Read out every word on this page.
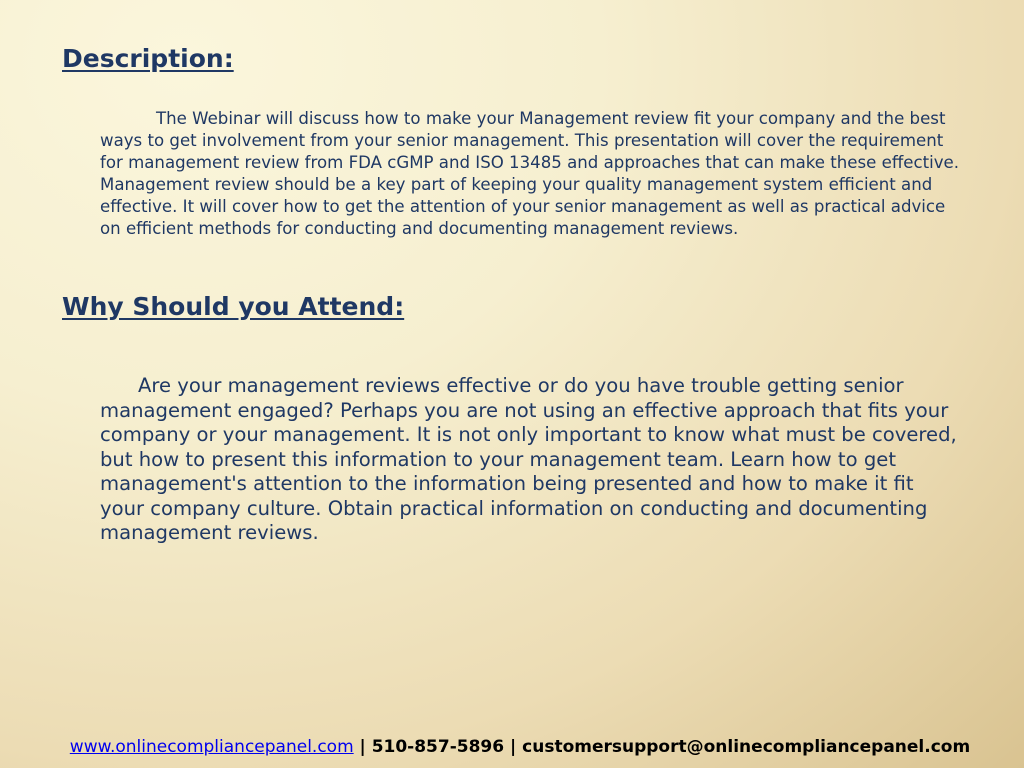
Description:

The Webinar will discuss how to make your Management review fit your company and the best ways to get involvement from your senior management. This presentation will cover the requirement for management review from FDA cGMP and ISO 13485 and approaches that can make these effective. Management review should be a key part of keeping your quality management system efficient and effective. It will cover how to get the attention of your senior management as well as practical advice on efficient methods for conducting and documenting management reviews.

Why Should you Attend:

Are your management reviews effective or do you have trouble getting senior management engaged? Perhaps you are not using an effective approach that fits your company or your management. It is not only important to know what must be covered, but how to present this information to your management team. Learn how to get management's attention to the information being presented and how to make it fit your company culture. Obtain practical information on conducting and documenting management reviews.

www.onlinecompliancepanel.com | 510-857-5896 | customersupport@onlinecompliancepanel.com
